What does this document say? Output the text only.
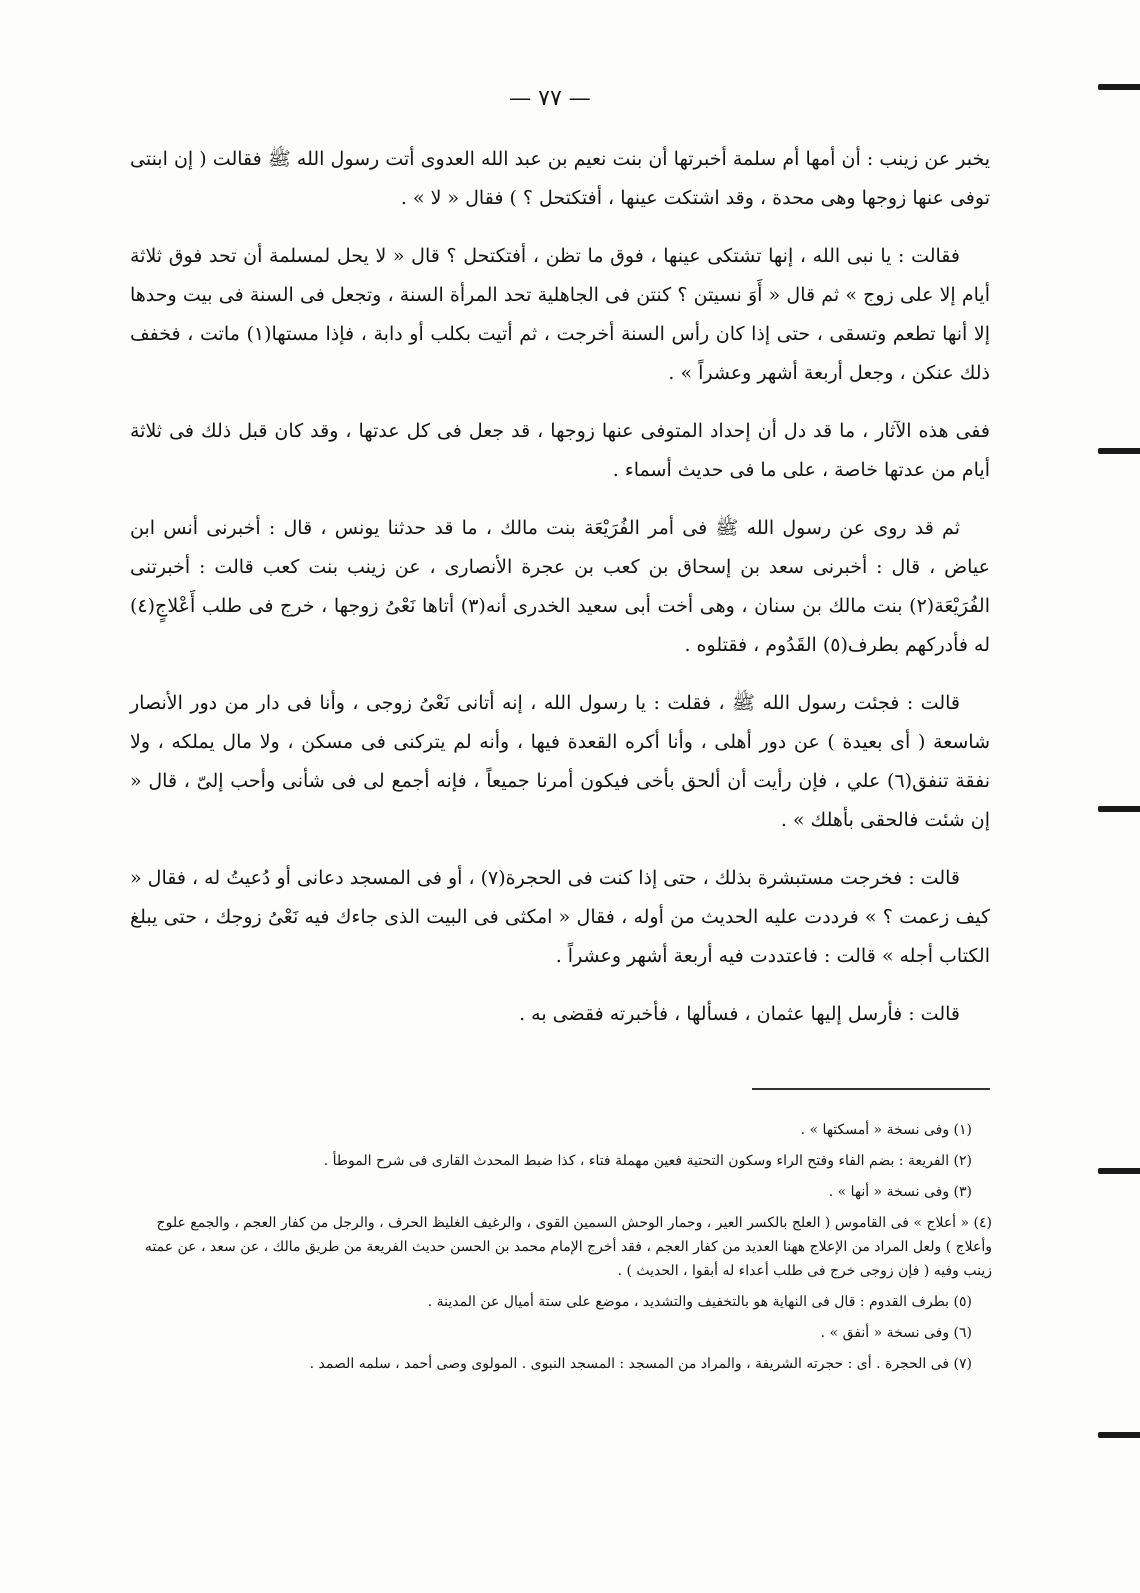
— ٧٧ —

يخبر عن زينب : أن أمها أم سلمة أخبرتها أن بنت نعيم بن عبد الله العدوى أتت رسول الله ﷺ فقالت ( إن ابنتى توفى عنها زوجها وهى محدة ، وقد اشتكت عينها ، أفتكتحل ؟ ) فقال « لا » .

فقالت : يا نبى الله ، إنها تشتكى عينها ، فوق ما تظن ، أفتكتحل ؟ قال « لا يحل لمسلمة أن تحد فوق ثلاثة أيام إلا على زوج » ثم قال « أَوَ نسيتن ؟ كنتن فى الجاهلية تحد المرأة السنة ، وتجعل فى السنة فى بيت وحدها إلا أنها تطعم وتسقى ، حتى إذا كان رأس السنة أخرجت ، ثم أتيت بكلب أو دابة ، فإذا مستها(١) ماتت ، فخفف ذلك عنكن ، وجعل أربعة أشهر وعشراً » .

ففى هذه الآثار ، ما قد دل أن إحداد المتوفى عنها زوجها ، قد جعل فى كل عدتها ، وقد كان قبل ذلك فى ثلاثة أيام من عدتها خاصة ، على ما فى حديث أسماء .

ثم قد روى عن رسول الله ﷺ فى أمر الفُرَيْعَة بنت مالك ، ما قد حدثنا يونس ، قال : أخبرنى أنس ابن عياض ، قال : أخبرنى سعد بن إسحاق بن كعب بن عجرة الأنصارى ، عن زينب بنت كعب قالت : أخبرتنى الفُرَيْعَة(٢) بنت مالك بن سنان ، وهى أخت أبى سعيد الخدرى أنه(٣) أتاها نَعْىُ زوجها ، خرج فى طلب أَعْلاجٍ(٤) له فأدركهم بطرف(٥) القَدُوم ، فقتلوه .

قالت : فجئت رسول الله ﷺ ، فقلت : يا رسول الله ، إنه أتانى نَعْىُ زوجى ، وأنا فى دار من دور الأنصار شاسعة ( أى بعيدة ) عن دور أهلى ، وأنا أكره القعدة فيها ، وأنه لم يتركنى فى مسكن ، ولا مال يملكه ، ولا نفقة تنفق(٦) علي ، فإن رأيت أن ألحق بأخى فيكون أمرنا جميعاً ، فإنه أجمع لى فى شأنى وأحب إلىّ ، قال « إن شئت فالحقى بأهلك » .

قالت : فخرجت مستبشرة بذلك ، حتى إذا كنت فى الحجرة(٧) ، أو فى المسجد دعانى أو دُعيتُ له ، فقال « كيف زعمت ؟ » فرددت عليه الحديث من أوله ، فقال « امكثى فى البيت الذى جاءك فيه نَعْىُ زوجك ، حتى يبلغ الكتاب أجله » قالت : فاعتددت فيه أربعة أشهر وعشراً .

قالت : فأرسل إليها عثمان ، فسألها ، فأخبرته فقضى به .

(١) وفى نسخة « أمسكتها » .

(٢) الفريعة : بضم الفاء وفتح الراء وسكون التحتية فعين مهملة فتاء ، كذا ضبط المحدث القارى فى شرح الموطأ .

(٣) وفى نسخة « أنها » .

(٤) « أعلاج » فى القاموس ( العلج بالكسر العير ، وحمار الوحش السمين القوى ، والرغيف الغليظ الحرف ، والرجل من كفار العجم ، والجمع علوج وأعلاج ) ولعل المراد من الإعلاج ههنا العديد من كفار العجم ، فقد أخرج الإمام محمد بن الحسن حديث الفريعة من طريق مالك ، عن سعد ، عن عمته زينب وفيه ( فإن زوجى خرج فى طلب أعداء له أبقوا ، الحديث ) .

(٥) بطرف القدوم : قال فى النهاية هو بالتخفيف والتشديد ، موضع على ستة أميال عن المدينة .

(٦) وفى نسخة « أنفق » .

(٧) فى الحجرة . أى : حجرته الشريفة ، والمراد من المسجد : المسجد النبوى . المولوى وصى أحمد ، سلمه الصمد .
